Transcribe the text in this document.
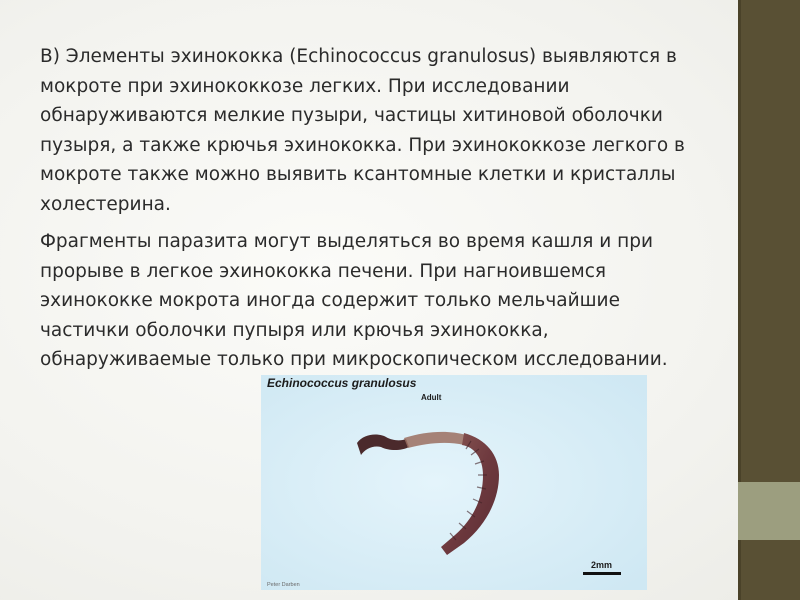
В) Элементы эхинококка (Echinococcus granulosus) выявляются в мокроте при эхинококкозе легких. При исследовании обнаруживаются мелкие пузыри, частицы хитиновой оболочки пузыря, а также крючья эхинококка. При эхинококкозе легкого в мокроте также можно выявить ксантомные клетки и кристаллы холестерина.

Фрагменты паразита могут выделяться во время кашля и при прорыве в легкое эхинококка печени. При нагноившемся эхинококке мокрота иногда содержит только мельчайшие частички оболочки пупыря или крючья эхинококка, обнаруживаемые только при микроскопическом исследовании.

Echinococcus granulosus
Adult
2mm
Peter Darben
